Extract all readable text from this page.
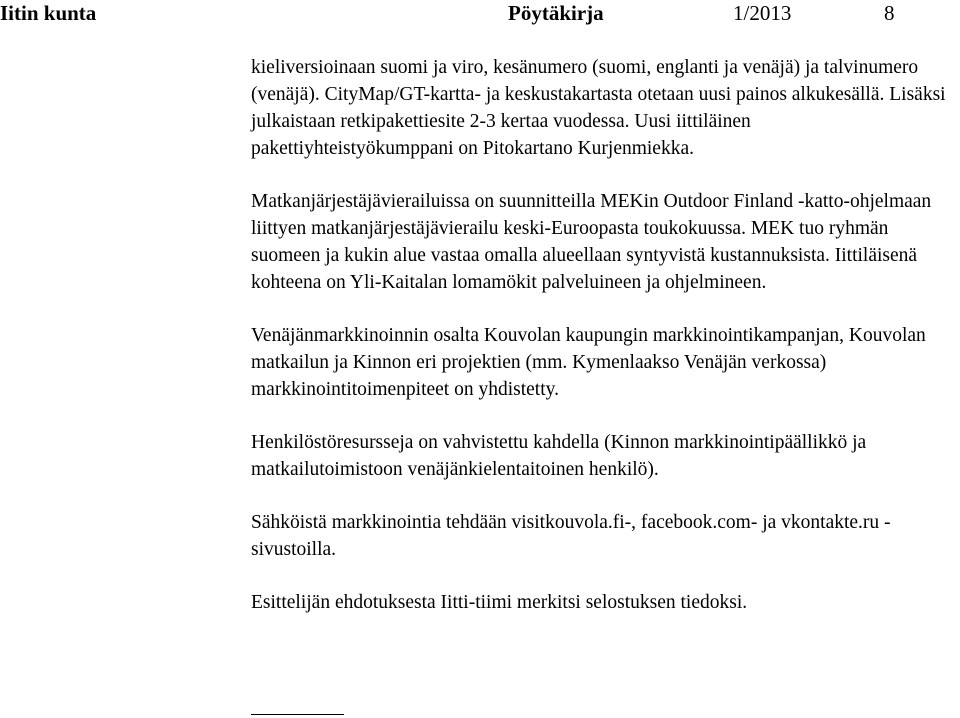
Iitin kunta	Pöytäkirja	1/2013	8

kieliversioinaan suomi ja viro, kesänumero (suomi, englanti ja venäjä) ja talvinumero (venäjä). CityMap/GT-kartta- ja keskustakartasta otetaan uusi painos alkukesällä. Lisäksi julkaistaan retkipakettiesite 2-3 kertaa vuodessa. Uusi iittiläinen pakettiyhteistyökumppani on Pitokartano Kurjenmiekka.

Matkanjärjestäjävierailuissa on suunnitteilla MEKin Outdoor Finland -katto-ohjelmaan liittyen matkanjärjestäjävierailu keski-Euroopasta toukokuussa. MEK tuo ryhmän suomeen ja kukin alue vastaa omalla alueellaan syntyvistä kustannuksista. Iittiläisenä kohteena on Yli-Kaitalan lomamökit palveluineen ja ohjelmineen.

Venäjänmarkkinoinnin osalta Kouvolan kaupungin markkinointikampanjan, Kouvolan matkailun ja Kinnon eri projektien (mm. Kymenlaakso Venäjän verkossa) markkinointitoimenpiteet on yhdistetty.

Henkilöstöresursseja on vahvistettu kahdella (Kinnon markkinointipäällikkö ja matkailutoimistoon venäjänkielentaitoinen henkilö).

Sähköistä markkinointia tehdään visitkouvola.fi-, facebook.com- ja vkontakte.ru -sivustoilla.

Esittelijän ehdotuksesta Iitti-tiimi merkitsi selostuksen tiedoksi.
